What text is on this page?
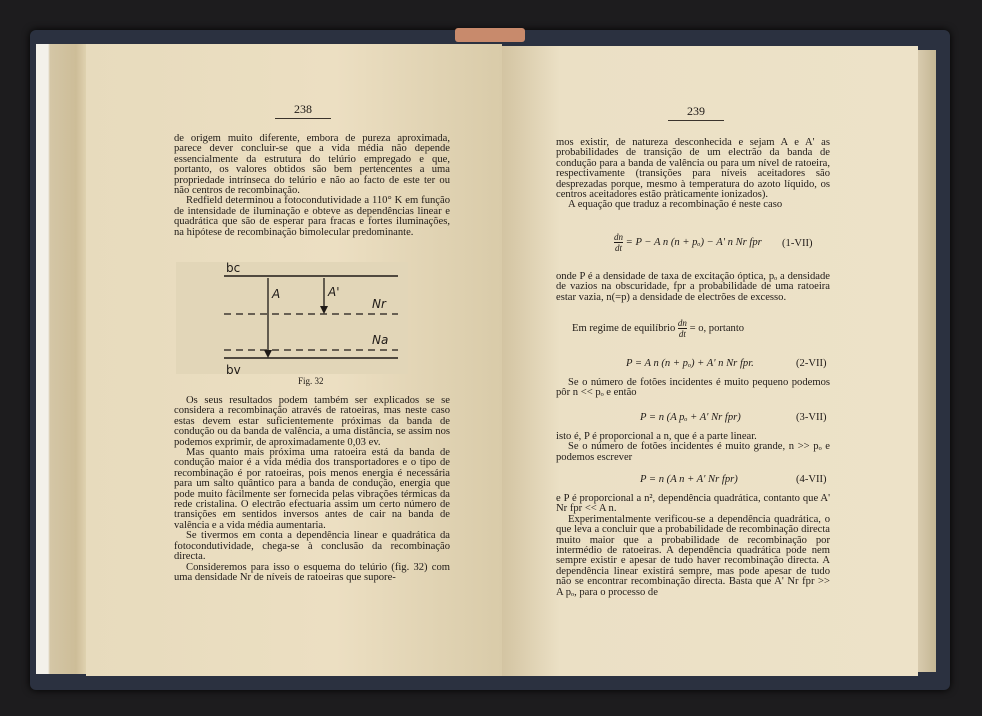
238

de origem muito diferente, embora de pureza aproximada, parece dever concluir-se que a vida média não depende essencialmente da estrutura do telúrio empregado e que, portanto, os valores obtidos são bem pertencentes a uma propriedade intrínseca do telúrio e não ao facto de este ter ou não centros de recombinação.

Redfield determinou a fotocondutividade a 110° K em função de intensidade de iluminação e obteve as dependências linear e quadrática que são de esperar para fracas e fortes iluminações, na hipótese de recombinação bimolecular predominante.

bc
bv
A	A'
Nr
Na
Fig. 32

Os seus resultados podem também ser explicados se se considera a recombinação através de ratoeiras, mas neste caso estas devem estar suficientemente próximas da banda de condução ou da banda de valência, a uma distância, se assim nos podemos exprimir, de aproximadamente 0,03 ev.

Mas quanto mais próxima uma ratoeira está da banda de condução maior é a vida média dos transportadores e o tipo de recombinação é por ratoeiras, pois menos energia é necessária para um salto quântico para a banda de condução, energia que pode muito fàcilmente ser fornecida pelas vibrações térmicas da rede cristalina. O electrão efectuaria assim um certo número de transições em sentidos inversos antes de cair na banda de valência e a vida média aumentaria.

Se tivermos em conta a dependência linear e quadrática da fotocondutividade, chega-se à conclusão da recombinação directa.

Consideremos para isso o esquema do telúrio (fig. 32) com uma densidade Nr de níveis de ratoeiras que supore-

239

mos existir, de natureza desconhecida e sejam A e A' as probabilidades de transição de um electrão da banda de condução para a banda de valência ou para um nível de ratoeira, respectivamente (transições para níveis aceitadores são desprezadas porque, mesmo à temperatura do azoto líquido, os centros aceitadores estão pràticamente ionizados).

A equação que traduz a recombinação é neste caso

$\frac{dn}{dt} = P - A$ n (n + pₒ) − A' n Nr fpr (1-VII)

onde P é a densidade de taxa de excitação óptica, pₒ a densidade de vazios na obscuridade, fpr a probabilidade de uma ratoeira estar vazia, n(=p) a densidade de electrões de excesso.

Em regime de equilíbrio $\frac{dn}{dt} = o$, portanto
P = A n (n + pₒ) + A' n Nr fpr.	(2-VII)

Se o número de fotões incidentes é muito pequeno podemos pôr n << pₒ e então

P = n (A pₒ + A' Nr fpr)	(3-VII)

isto é, P é proporcional a n, que é a parte linear.

Se o número de fotões incidentes é muito grande, n >> pₒ e podemos escrever

P = n (A n + A' Nr fpr)	(4-VII)

e P é proporcional a n², dependência quadrática, contanto que A' Nr fpr << A n.

Experimentalmente verificou-se a dependência quadrática, o que leva a concluir que a probabilidade de recombinação directa muito maior que a probabilidade de recombinação por intermédio de ratoeiras. A dependência quadrática pode nem sempre existir e apesar de tudo haver recombinação directa. A dependência linear existirá sempre, mas pode apesar de tudo não se encontrar recombinação directa. Basta que A' Nr fpr >> A pₒ, para o processo de
